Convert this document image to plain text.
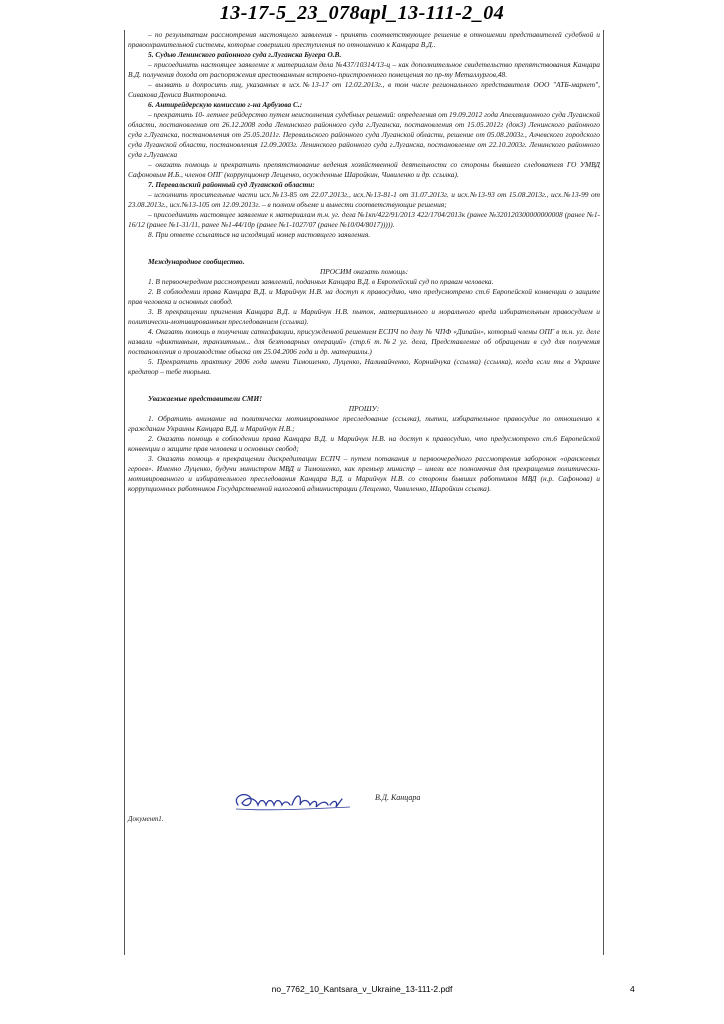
13-17-5_23_078apl_13-111-2_04

– по результатам рассмотрения настоящего заявления - принять соответствующее решение в отношении представителей судебной и правоохранительной системы, которые совершили преступления по отношению к Канцара В.Д..

5. Судью Ленинского районного суда г.Луганска Бугера О.В.

– присоединить настоящее заявление к материалам дела №437/10314/13-ц – как дополнительное свидетельство препятствования Канцара В.Д. получения дохода от распоряжения арестованным встроено-пристроенного помещения по пр-ту Металлургов,48.

– вызвать и допросить лиц, указанных в исх.№13-17 от 12.02.2013г., в том числе регионального представителя ООО "АТБ-маркет", Сивакова Дениса Викторовича.

6. Антирейдерскую комиссию г-на Арбузова С.:

– прекратить 10- летнее рейдерство путем неисполнения судебных решений: определения от 19.09.2012 года Апелляционного суда Луганской области, постановления от 26.12.2008 года Ленинского районного суда г.Луганска, постановления от 15.05.2012г (док3) Ленинского районного суда г.Луганска, постановления от 25.05.2011г. Перевальского районного суда Луганской области, решение от 05.08.2003г., Алчевского городского суда Луганской области, постановления 12.09.2003г. Ленинского районного суда г.Луганска, постановление от 22.10.2003г. Ленинского районного суда г.Луганска

– оказать помощь и прекратить препятствование ведения хозяйственной деятельности со стороны бывшего следователя ГО УМВД Сафоновым И.Б., членов ОПГ (коррупционер Лещенко, осужденные Шаройкин, Чивиленко и др. ссылка).

7. Перевальский районный суд Луганской области:

– исполнить просительные части исх.№13-85 от 22.07.2013г., исх.№13-81-1 от 31.07.2013г. и исх.№13-93 от 15.08.2013г., исх.№13-99 от 23.08.2013г., исх.№13-105 от 12.09.2013г. – в полном объеме и вынести соответствующие решения;

– присоединить настоящее заявление к материалам т.н. уг. дела №1кп/422/91/2013 422/1704/2013к (ранее №320120300000000008 (ранее №1-16/12 (ранее №1-31/11, ранее №1-44/10р (ранее №1-1027/07 (ранее №10/04/8017))))).

8. При ответе ссылаться на исходящий номер настоящего заявления.

Международное сообщество.

ПРОСИМ оказать помощь:

1. В первоочередном рассмотрении заявлений, поданных Канцара В.Д. в Европейский суд по правам человека.

2. В соблюдении права Канцара В.Д. и Марийчук Н.В. на доступ к правосудию, что предусмотрено ст.6 Европейской конвенции о защите прав человека и основных свобод.

3. В прекращении пригнения Канцара В.Д. и Марийчук Н.В. пыток, материального и морального вреда избирательным правосудием и политически-мотивированным преследованием (ссылка).

4. Оказать помощь в получении сатисфакции, присужденной решением ЕСПЧ по делу № ЧПФ «Дипайн», который члены ОПГ в т.н. уг. деле назвали «фиктивным, транзитным... для безтоварных операций» (стр.6 т.№2 уг. дела, Представление об обращении в суд для получения постановления о производстве обыска от 25.04.2006 года и др. материалы.)

5. Прекратить практику 2006 года имени Тимошенко, Луценко, Наливайченко, Корнийчука (ссылка) (ссылка), когда если ты в Украине кредитор – тебе тюрьма.

Уважаемые представители СМИ!

ПРОШУ:

1. Обратить внимание на политически мотивированное преследование (ссылка), пытки, избирательное правосудие по отношению к гражданам Украины Канцара В.Д. и Марийчук Н.В.;

2. Оказать помощь в соблюдении права Канцара В.Д. и Марийчук Н.В. на доступ к правосудию, что предусмотрено ст.6 Европейской конвенции о защите прав человека и основных свобод;

3. Оказать помощь в прекращении дискредитации ЕСПЧ – путем потакания и первоочередного рассмотрения заборонок «оранжевых героев». Именно Луценко, будучи министром МВД и Тимошенко, как премьер министр – имели все полномочия для прекращения политически-мотивированного и избирательного преследования Канцара В.Д. и Марийчук Н.В. со стороны бывших работников МВД (н.р. Сафонова) и коррупционных работников Государственной налоговой администрации (Лещенко, Чивиленко, Шаройкин ссылка).

В.Д. Канцара
Документ1.
no_7762_10_Kantsara_v_Ukraine_13-111-2.pdf	4
